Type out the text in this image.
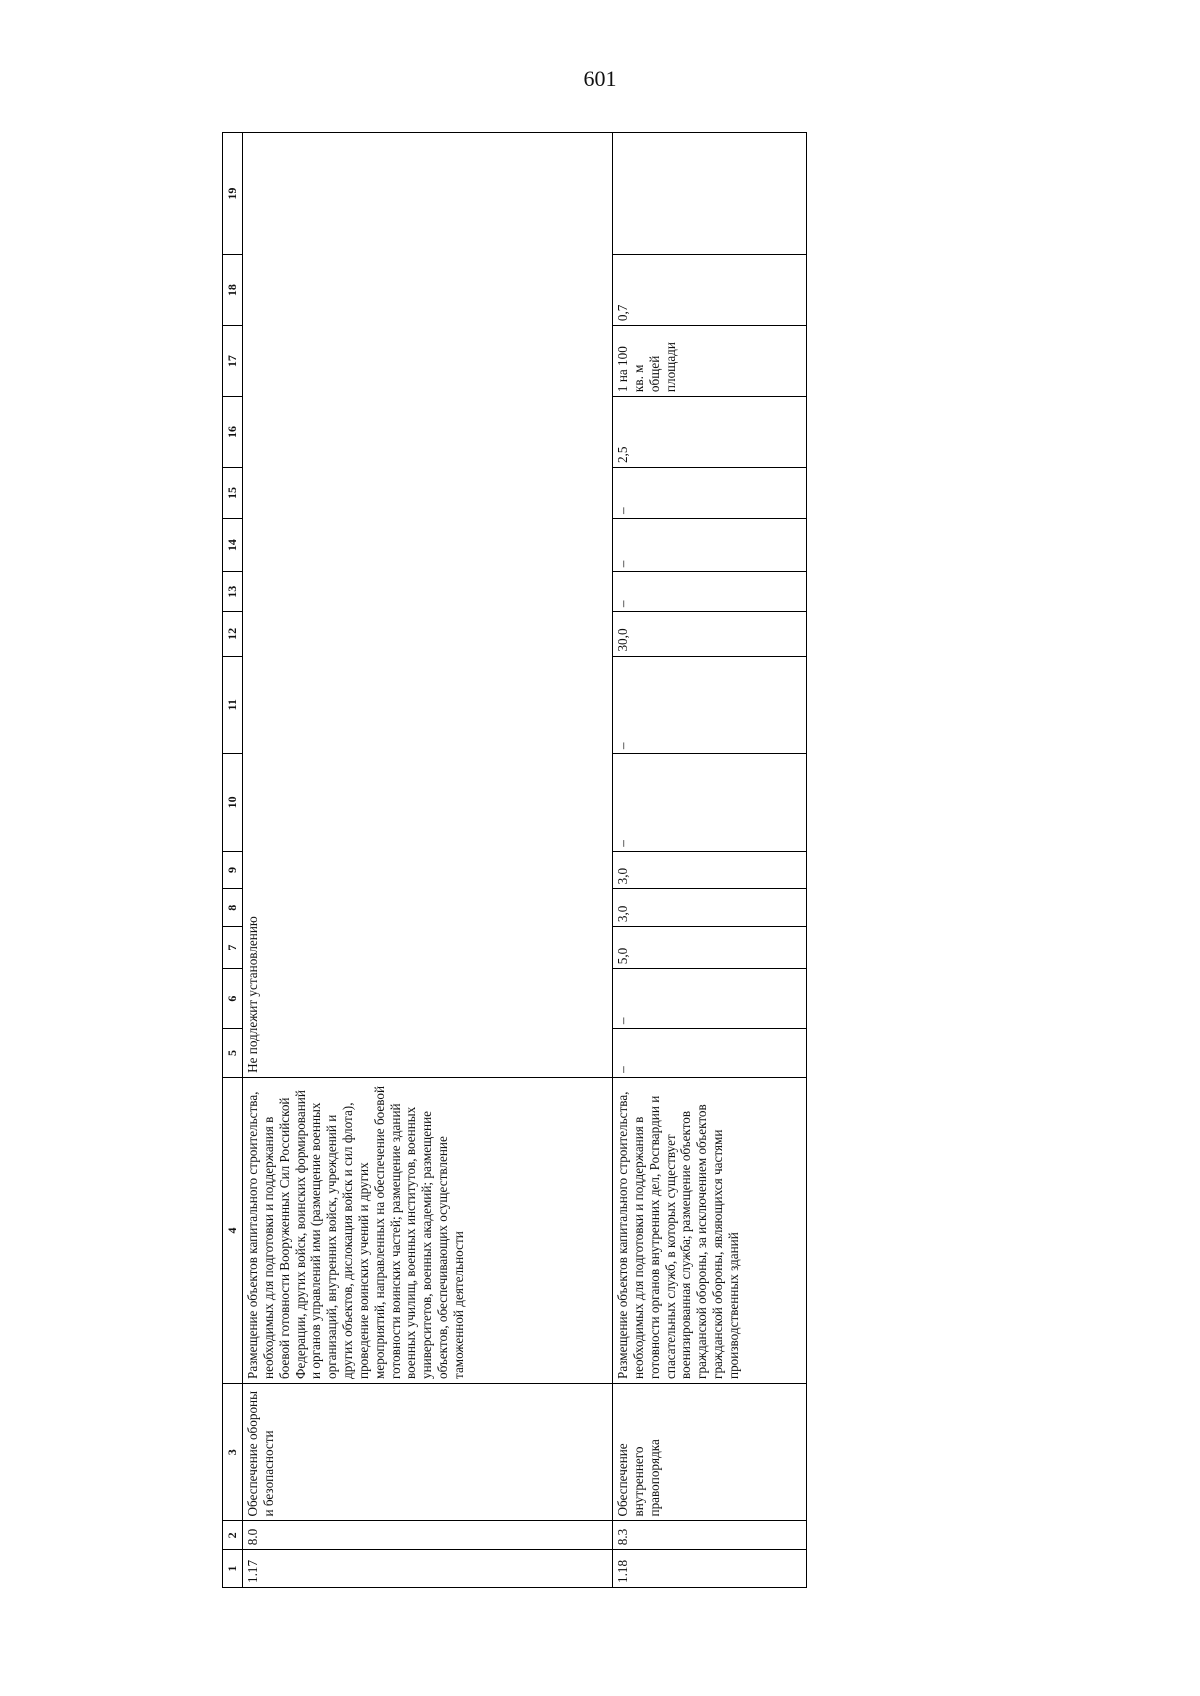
601
1	2	3	4	5	6	7	8	9	10	11	12	13	14	15	16	17	18	19
1.17	8.0	Обеспечение обороны и безопасности	Размещение объектов капитального строительства, необходимых для подготовки и поддержания в боевой готовности Вооруженных Сил Российской Федерации, других войск, воинских формирований и органов управлений ими (размещение военных организаций, внутренних войск, учреждений и других объектов, дислокация войск и сил флота), проведение воинских учений и других мероприятий, направленных на обеспечение боевой готовности воинских частей; размещение зданий военных училищ, военных институтов, военных университетов, военных академий; размещение объектов, обеспечивающих осуществление таможенной деятельности	Не подлежит установлению														
1.18	8.3	Обеспечение внутреннего правопорядка	Размещение объектов капитального строительства, необходимых для подготовки и поддержания в готовности органов внутренних дел, Росгвардии и спасательных служб, в которых существует военизированная служба; размещение объектов гражданской обороны, за исключением объектов гражданской обороны, являющихся частями производственных зданий	–	–	5,0	3,0	3,0	–	–	30,0	–	–	–	2,5	1 на 100 кв. м общей площади	0,7	
